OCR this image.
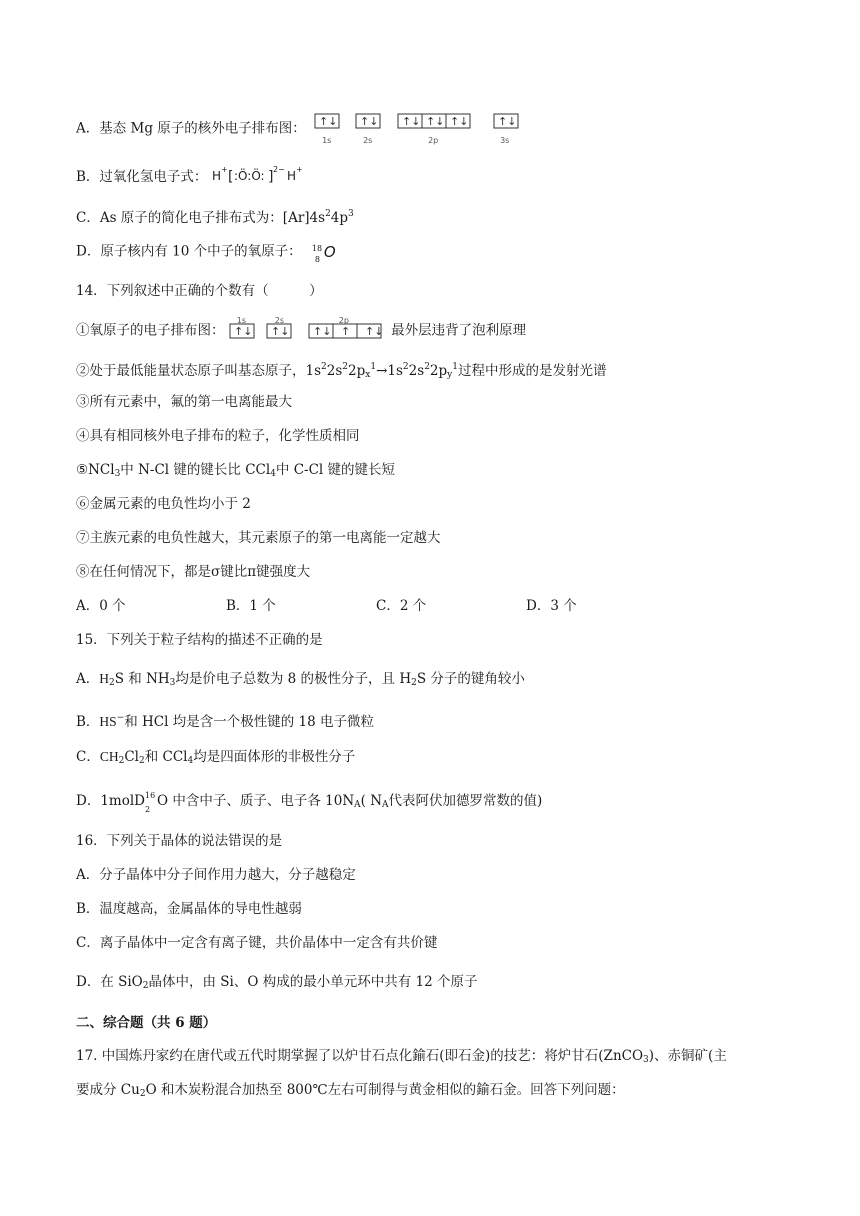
A．基态 Mg 原子的核外电子排布图： ↑↓ ↑↓ ↑↓ ↑↓ ↑↓	↑↓
1s	2s	2p	3s
B．过氧化氢电子式： H + [ :Ö:Ö: ] 2− H +
C．As 原子的简化电子排布式为：$[Ar]4s^24p^3$
D．原子核内有 10 个中子的氧原子： 18
8 O
14．下列叙述中正确的个数有（　　　）
①氧原子的电子排布图：
1s	2s	2p
↑↓ ↑↓ ↑↓ ↑ ↑↓ 最外层违背了泡利原理
②处于最低能量状态原子叫基态原子，$1s^22s^22p_x^1\to 1s^22s^22p_y^1$过程中形成的是发射光谱
③所有元素中，氟的第一电离能最大
④具有相同核外电子排布的粒子，化学性质相同
⑤NCl$_3$中 N-Cl 键的键长比 CCl$_4$中 C-Cl 键的键长短
⑥金属元素的电负性均小于 2
⑦主族元素的电负性越大，其元素原子的第一电离能一定越大
⑧在任何情况下，都是σ键比π键强度大
A．0 个	B．1 个	C．2 个	D．3 个
15．下列关于粒子结构的描述不正确的是
A．$H_2S$ 和 $NH_3$均是价电子总数为 8 的极性分子，且 $H_2S$ 分子的键角较小
B．HS−和 HCl 均是含一个极性键的 18 电子微粒
C．$CH_2Cl_2$和 CCl$_4$均是四面体形的非极性分子
D．1molD 16
2 O 中含中子、质子、电子各 $10N_A$( $N_A$代表阿伏加德罗常数的值)
16．下列关于晶体的说法错误的是
A．分子晶体中分子间作用力越大，分子越稳定
B．温度越高，金属晶体的导电性越弱
C．离子晶体中一定含有离子键，共价晶体中一定含有共价键
D．在 SiO$_2$晶体中，由 Si、O 构成的最小单元环中共有 12 个原子
二、综合题（共 6 题）
17. 中国炼丹家约在唐代或五代时期掌握了以炉甘石点化鍮石(即石金)的技艺：将炉甘石(ZnCO$_3$)、赤铜矿(主
要成分 $Cu_2O$ 和木炭粉混合加热至 800℃左右可制得与黄金相似的鍮石金。回答下列问题：
